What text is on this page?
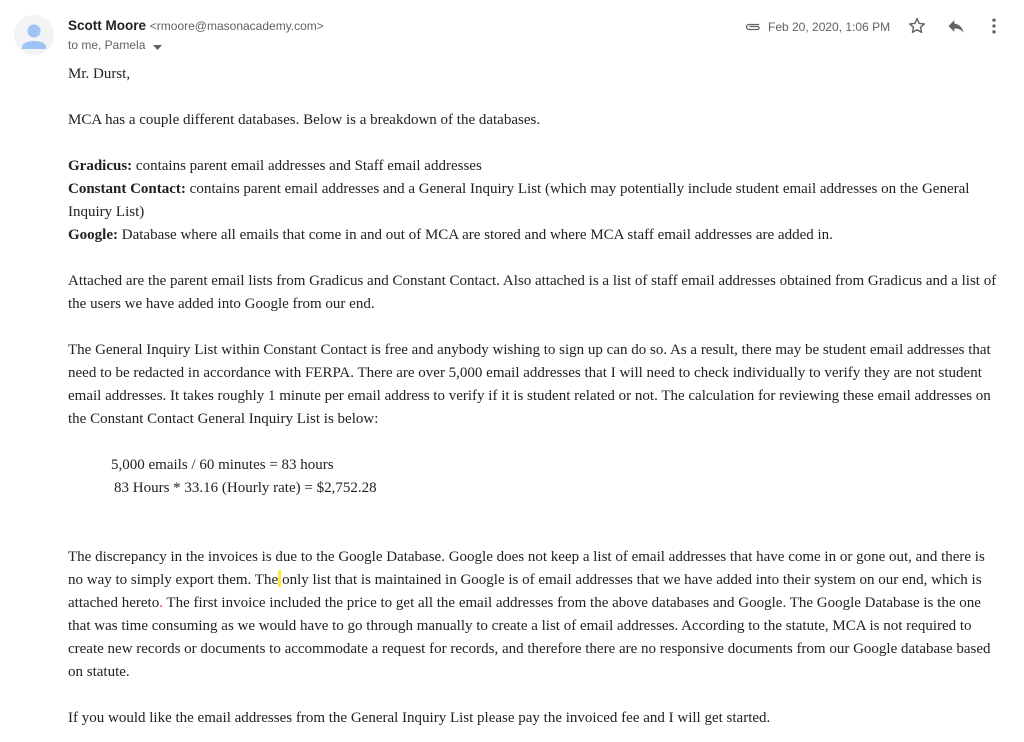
Scott Moore <rmoore@masonacademy.com>
to me, Pamela
Feb 20, 2020, 1:06 PM

Mr. Durst,

MCA has a couple different databases. Below is a breakdown of the databases.

Gradicus: contains parent email addresses and Staff email addresses

Constant Contact: contains parent email addresses and a General Inquiry List (which may potentially include student email addresses on the General Inquiry List)

Google: Database where all emails that come in and out of MCA are stored and where MCA staff email addresses are added in.

Attached are the parent email lists from Gradicus and Constant Contact. Also attached is a list of staff email addresses obtained from Gradicus and a list of the users we have added into Google from our end.

The General Inquiry List within Constant Contact is free and anybody wishing to sign up can do so. As a result, there may be student email addresses that need to be redacted in accordance with FERPA. There are over 5,000 email addresses that I will need to check individually to verify they are not student email addresses. It takes roughly 1 minute per email address to verify if it is student related or not. The calculation for reviewing these email addresses on the Constant Contact General Inquiry List is below:

5,000 emails / 60 minutes = 83 hours

83 Hours * 33.16 (Hourly rate) = $2,752.28

The discrepancy in the invoices is due to the Google Database. Google does not keep a list of email addresses that have come in or gone out, and there is no way to simply export them. The only list that is maintained in Google is of email addresses that we have added into their system on our end, which is attached hereto. The first invoice included the price to get all the email addresses from the above databases and Google. The Google Database is the one that was time consuming as we would have to go through manually to create a list of email addresses. According to the statute, MCA is not required to create new records or documents to accommodate a request for records, and therefore there are no responsive documents from our Google database based on statute.

If you would like the email addresses from the General Inquiry List please pay the invoiced fee and I will get started.
